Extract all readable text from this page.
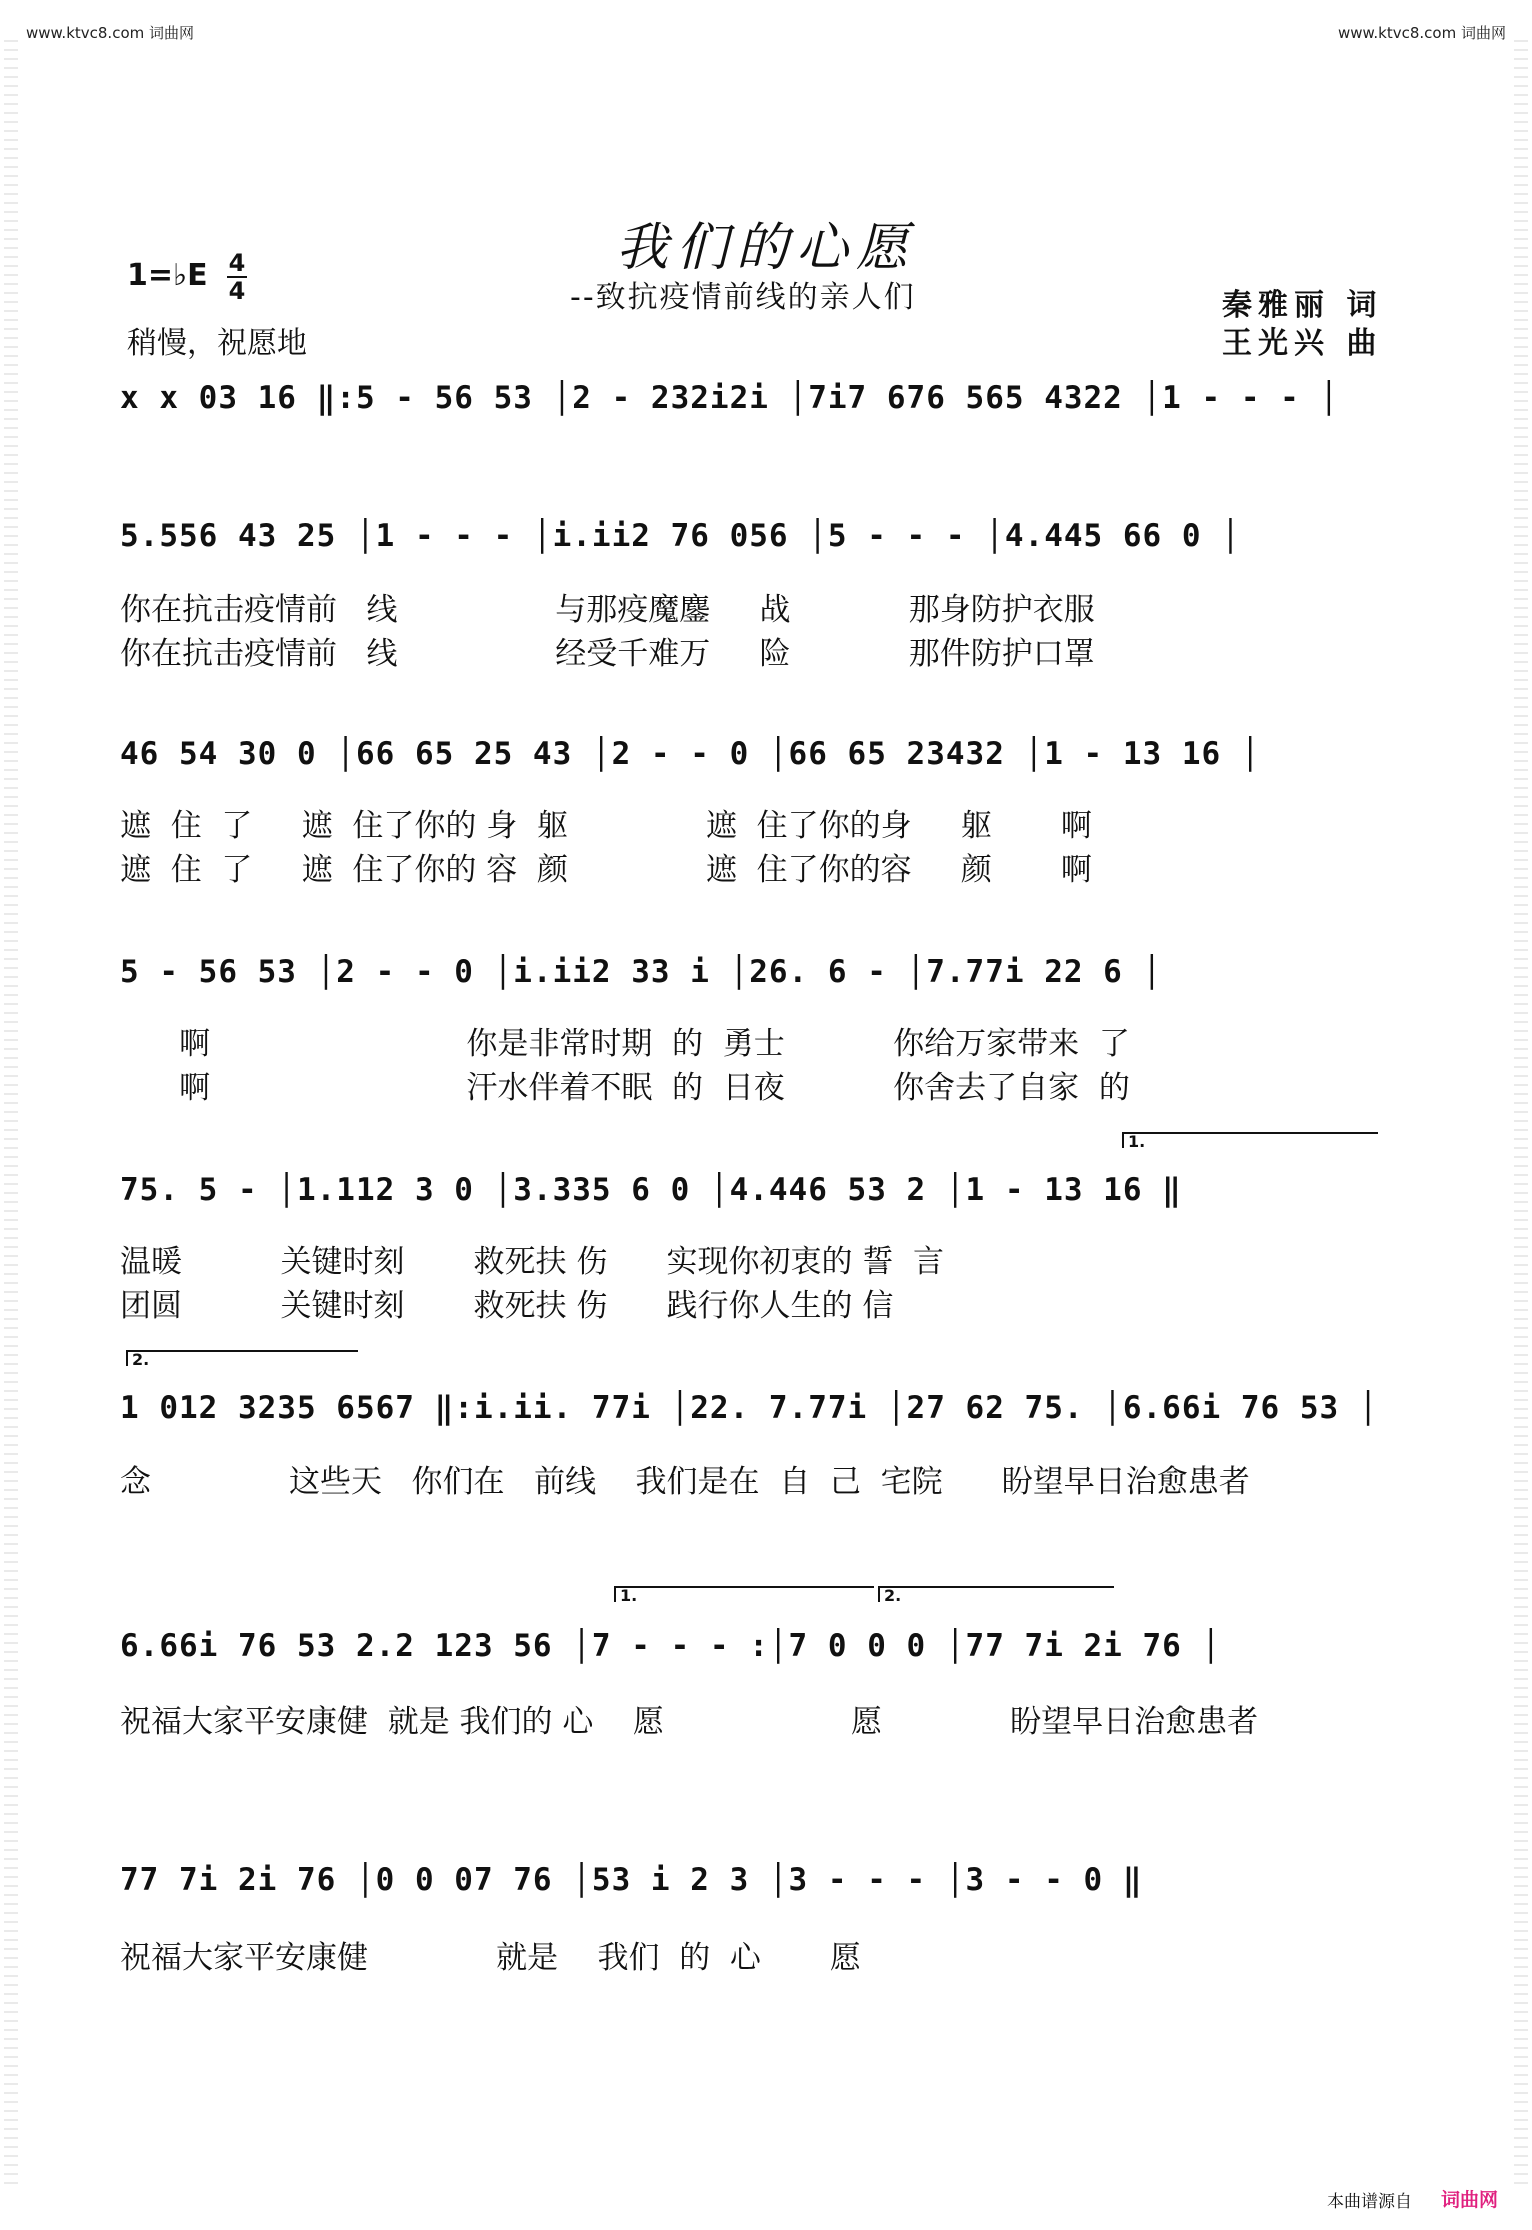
www.ktvc8.com 词曲网	www.ktvc8.com 词曲网
我们的心愿
--致抗疫情前线的亲人们
1=♭E 4
4
稍慢，祝愿地
秦雅丽 词
王光兴 曲
x x 03 16 ‖:5 - 56 53 │2 - 232i2i │7i7 676 565 4322 │1 - - - │
5.556 43 25 │1 - - - │i.ii2 76 056 │5 - - - │4.445 66 0 │
你在抗击疫情前   线                与那疫魔鏖     战            那身防护衣服
你在抗击疫情前   线                经受千难万     险            那件防护口罩
46 54 30 0 │66 65 25 43 │2 - - 0 │66 65 23432 │1 - 13 16 │
遮  住  了     遮  住了你的 身  躯              遮  住了你的身     躯       啊
遮  住  了     遮  住了你的 容  颜              遮  住了你的容     颜       啊
5 - 56 53 │2 - - 0 │i.ii2 33 i │26. 6 - │7.77i 22 6 │
啊                          你是非常时期  的  勇士           你给万家带来  了
啊                          汗水伴着不眠  的  日夜           你舍去了自家  的
1.
75. 5 - │1.112 3 0 │3.335 6 0 │4.446 53 2 │1 - 13 16 ‖
温暖          关键时刻       救死扶 伤      实现你初衷的 誓  言
团圆          关键时刻       救死扶 伤      践行你人生的 信
2.
1 012 3235 6567 ‖:i.ii. 77i │22. 7.77i │27 62 75. │6.66i 76 53 │
念              这些天   你们在   前线    我们是在  自  己  宅院      盼望早日治愈患者
1.	2.
6.66i 76 53 2.2 123 56 │7 - - - :│7 0 0 0 │77 7i 2i 76 │
祝福大家平安康健  就是 我们的 心    愿                   愿             盼望早日治愈患者
77 7i 2i 76 │0 0 07 76 │53 i 2 3 │3 - - - │3 - - 0 ‖
祝福大家平安康健             就是    我们  的  心       愿
本曲谱源自 词曲网
